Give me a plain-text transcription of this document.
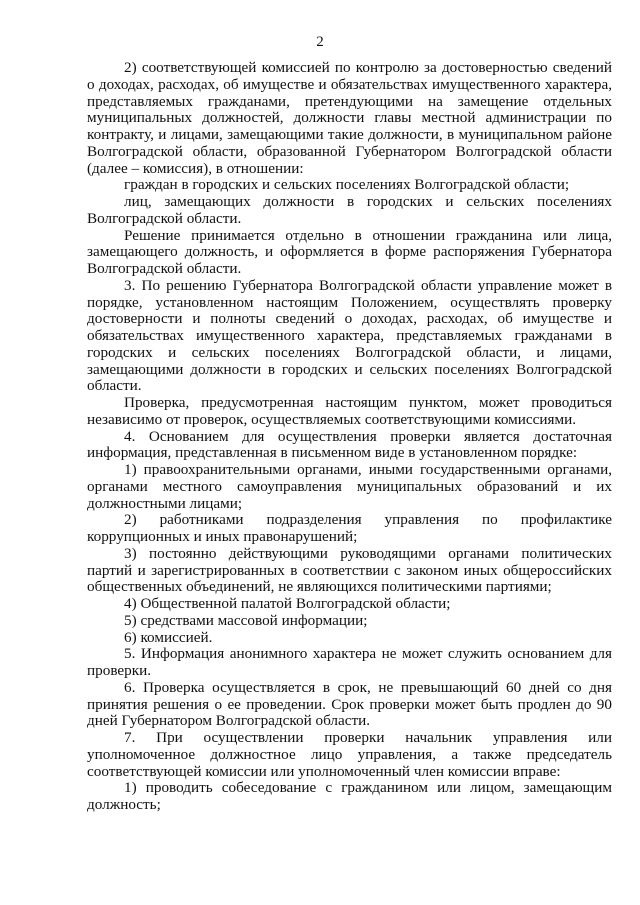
2

2) соответствующей комиссией по контролю за достоверностью сведений о доходах, расходах, об имуществе и обязательствах имущественного характера, представляемых гражданами, претендующими на замещение отдельных муниципальных должностей, должности главы местной администрации по контракту, и лицами, замещающими такие должности, в муниципальном районе Волгоградской области, образованной Губернатором Волгоградской области (далее – комиссия), в отношении:

граждан в городских и сельских поселениях Волгоградской области;

лиц, замещающих должности в городских и сельских поселениях Волгоградской области.

Решение принимается отдельно в отношении гражданина или лица, замещающего должность, и оформляется в форме распоряжения Губернатора Волгоградской области.

3. По решению Губернатора Волгоградской области управление может в порядке, установленном настоящим Положением, осуществлять проверку достоверности и полноты сведений о доходах, расходах, об имуществе и обязательствах имущественного характера, представляемых гражданами в городских и сельских поселениях Волгоградской области, и лицами, замещающими должности в городских и сельских поселениях Волгоградской области.

Проверка, предусмотренная настоящим пунктом, может проводиться независимо от проверок, осуществляемых соответствующими комиссиями.

4. Основанием для осуществления проверки является достаточная информация, представленная в письменном виде в установленном порядке:

1) правоохранительными органами, иными государственными органами, органами местного самоуправления муниципальных образований и их должностными лицами;

2) работниками подразделения управления по профилактике коррупционных и иных правонарушений;

3) постоянно действующими руководящими органами политических партий и зарегистрированных в соответствии с законом иных общероссийских общественных объединений, не являющихся политическими партиями;

4) Общественной палатой Волгоградской области;

5) средствами массовой информации;

6) комиссией.

5. Информация анонимного характера не может служить основанием для проверки.

6. Проверка осуществляется в срок, не превышающий 60 дней со дня принятия решения о ее проведении. Срок проверки может быть продлен до 90 дней Губернатором Волгоградской области.

7. При осуществлении проверки начальник управления или уполномоченное должностное лицо управления, а также председатель соответствующей комиссии или уполномоченный член комиссии вправе:

1) проводить собеседование с гражданином или лицом, замещающим должность;
